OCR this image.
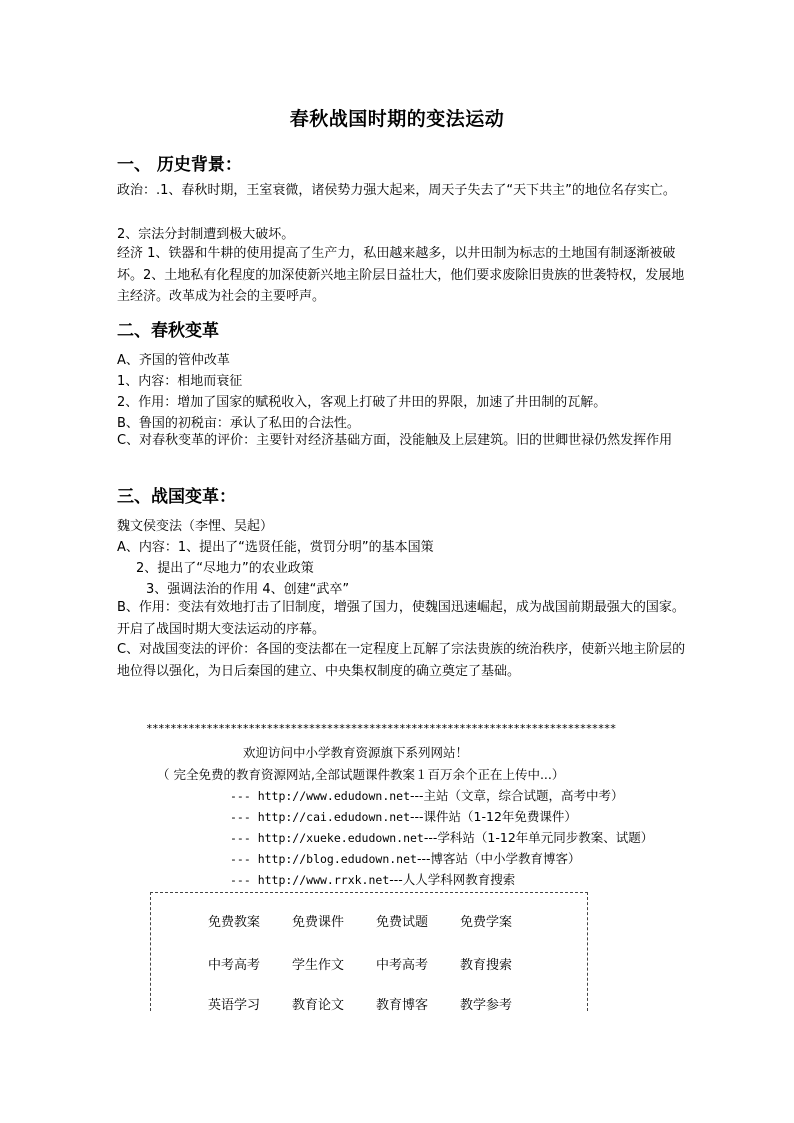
春秋战国时期的变法运动
一、 历史背景：
政治：.1、春秋时期，王室衰微，诸侯势力强大起来，周天子失去了“天下共主”的地位名存实亡。
2、宗法分封制遭到极大破坏。
经济 1、铁器和牛耕的使用提高了生产力，私田越来越多，以井田制为标志的土地国有制逐渐被破坏。2、土地私有化程度的加深使新兴地主阶层日益壮大，他们要求废除旧贵族的世袭特权，发展地主经济。改革成为社会的主要呼声。
二、春秋变革
A、齐国的管仲改革
1、内容：相地而衰征
2、作用：增加了国家的赋税收入，客观上打破了井田的界限，加速了井田制的瓦解。
B、鲁国的初税亩：承认了私田的合法性。
C、对春秋变革的评价：主要针对经济基础方面，没能触及上层建筑。旧的世卿世禄仍然发挥作用
三、战国变革：
魏文侯变法（李悝、吴起）
A、内容：1、提出了“选贤任能，赏罚分明”的基本国策
2、提出了“尽地力”的农业政策
3、强调法治的作用 4、创建“武卒”
B、作用：变法有效地打击了旧制度，增强了国力，使魏国迅速崛起，成为战国前期最强大的国家。开启了战国时期大变法运动的序幕。
C、对战国变法的评价：各国的变法都在一定程度上瓦解了宗法贵族的统治秩序，使新兴地主阶层的地位得以强化，为日后秦国的建立、中央集权制度的确立奠定了基础。
******************************************************************************
欢迎访问中小学教育资源旗下系列网站！
（ 完全免费的教育资源网站,全部试题课件教案１百万余个正在上传中...）
--- http://www.edudown.net---主站（文章，综合试题，高考中考）
--- http://cai.edudown.net---课件站（1-12年免费课件）
--- http://xueke.edudown.net---学科站（1-12年单元同步教案、试题）
--- http://blog.edudown.net---博客站（中小学教育博客）
--- http://www.rrxk.net---人人学科网教育搜索
免费教案 免费课件 免费试题 免费学案
中考高考 学生作文 中考高考 教育搜索
英语学习 教育论文 教育博客 教学参考
